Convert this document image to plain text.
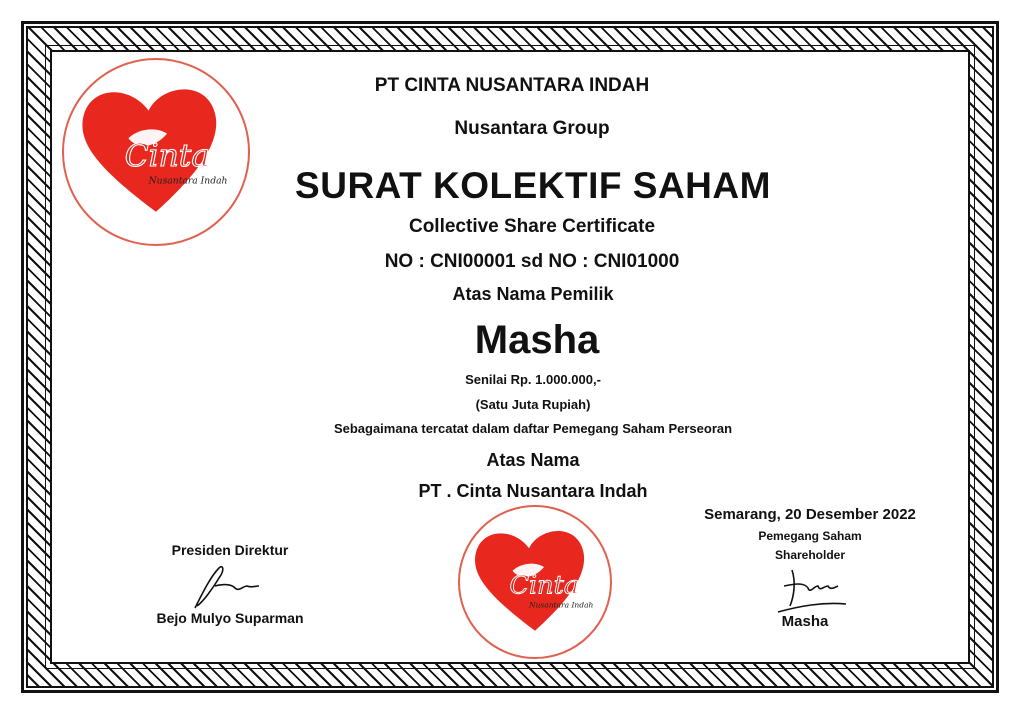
Cinta
Nusantara Indah
PT CINTA NUSANTARA INDAH
Nusantara Group
SURAT KOLEKTIF SAHAM
Collective Share Certificate
NO : CNI00001 sd NO : CNI01000
Atas Nama Pemilik
Masha
Senilai Rp. 1.000.000,-
(Satu Juta Rupiah)
Sebagaimana tercatat dalam daftar Pemegang Saham Perseoran
Atas Nama
PT . Cinta Nusantara Indah
Presiden Direktur
Bejo Mulyo Suparman
Cinta
Nusantara Indah
Semarang, 20 Desember 2022
Pemegang Saham
Shareholder
Masha
